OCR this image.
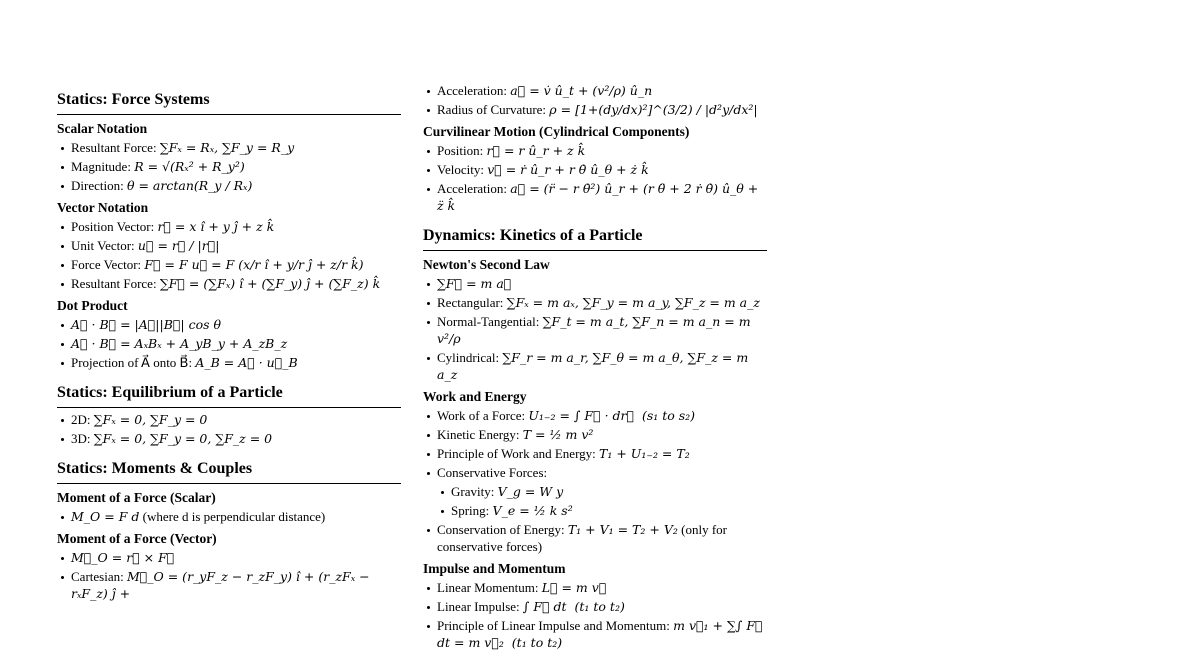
Statics: Force Systems
Scalar Notation
Resultant Force: ∑Fₓ = Rₓ, ∑F_y = R_y
Magnitude: R = √(Rₓ² + R_y²)
Direction: θ = arctan(R_y / Rₓ)
Vector Notation
Position Vector: r⃗ = x î + y ĵ + z k̂
Unit Vector: u⃗ = r⃗ / |r⃗|
Force Vector: F⃗ = F u⃗ = F (x/r î + y/r ĵ + z/r k̂)
Resultant Force: ∑F⃗ = (∑Fₓ) î + (∑F_y) ĵ + (∑F_z) k̂
Dot Product
A⃗ · B⃗ = |A⃗||B⃗| cos θ
A⃗ · B⃗ = AₓBₓ + A_yB_y + A_zB_z
Projection of A⃗ onto B⃗: A_B = A⃗ · u⃗_B
Statics: Equilibrium of a Particle
2D: ∑Fₓ = 0, ∑F_y = 0
3D: ∑Fₓ = 0, ∑F_y = 0, ∑F_z = 0
Statics: Moments & Couples
Moment of a Force (Scalar)
M_O = F d (where d is perpendicular distance)
Moment of a Force (Vector)
M⃗_O = r⃗ × F⃗
Cartesian: M⃗_O = (r_yF_z − r_zF_y) î + (r_zFₓ − rₓF_z) ĵ +
Acceleration: a⃗ = v̇ û_t + (v²/ρ) û_n
Radius of Curvature: ρ = [1+(dy/dx)²]^(3/2) / |d²y/dx²|
Curvilinear Motion (Cylindrical Components)
Position: r⃗ = r û_r + z k̂
Velocity: v⃗ = ṙ û_r + r θ̇ û_θ + ż k̂
Acceleration: a⃗ = (r̈ − r θ̇²) û_r + (r θ̈ + 2 ṙ θ̇) û_θ + z̈ k̂
Dynamics: Kinetics of a Particle
Newton's Second Law
∑F⃗ = m a⃗
Rectangular: ∑Fₓ = m aₓ, ∑F_y = m a_y, ∑F_z = m a_z
Normal-Tangential: ∑F_t = m a_t, ∑F_n = m a_n = m v²/ρ
Cylindrical: ∑F_r = m a_r, ∑F_θ = m a_θ, ∑F_z = m a_z
Work and Energy
Work of a Force: U₁₋₂ = ∫ F⃗ · dr⃗  (s₁ to s₂)
Kinetic Energy: T = ½ m v²
Principle of Work and Energy: T₁ + U₁₋₂ = T₂
Conservative Forces:
Gravity: V_g = W y
Spring: V_e = ½ k s²
Conservation of Energy: T₁ + V₁ = T₂ + V₂ (only for conservative forces)
Impulse and Momentum
Linear Momentum: L⃗ = m v⃗
Linear Impulse: ∫ F⃗ dt  (t₁ to t₂)
Principle of Linear Impulse and Momentum: m v⃗₁ + ∑∫ F⃗ dt = m v⃗₂  (t₁ to t₂)
